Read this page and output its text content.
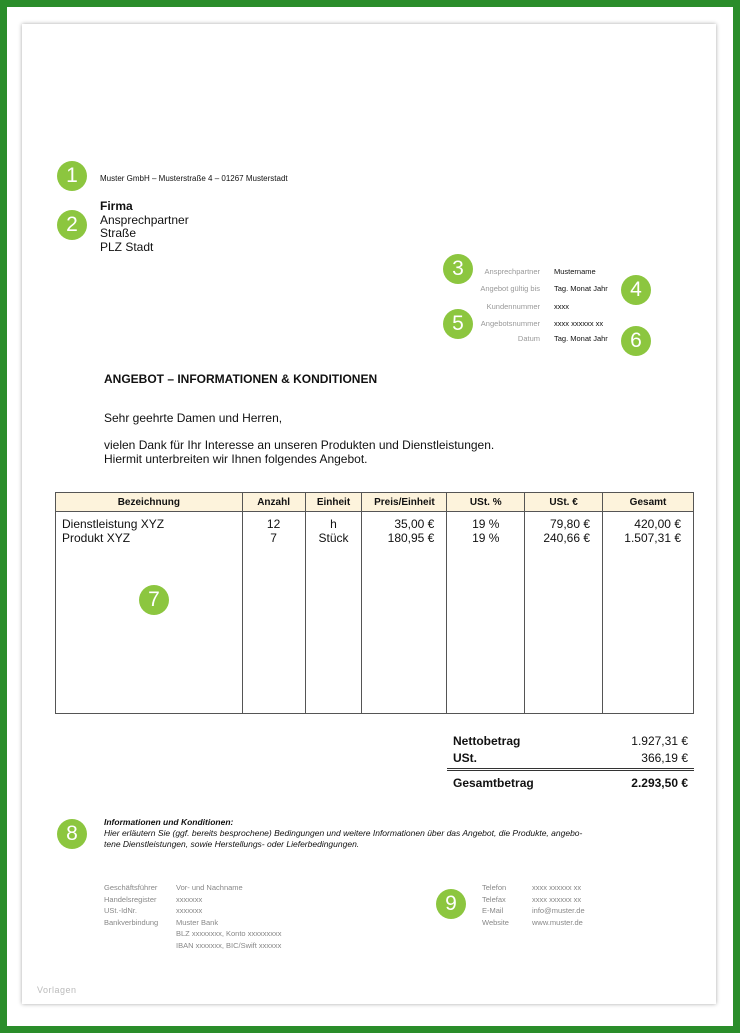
1
2
3
4
5
6
7
8
9
Muster GmbH – Musterstraße 4 – 01267 Musterstadt
Firma
Ansprechpartner
Straße
PLZ Stadt
Ansprechpartner Mustername
Angebot gültig bis Tag. Monat Jahr
Kundennummer xxxx
Angebotsnummer xxxx xxxxxx xx
Datum Tag. Monat Jahr
ANGEBOT – INFORMATIONEN & KONDITIONEN
Sehr geehrte Damen und Herren,
vielen Dank für Ihr Interesse an unseren Produkten und Dienstleistungen.
Hiermit unterbreiten wir Ihnen folgendes Angebot.
Bezeichnung	Anzahl	Einheit	Preis/Einheit	USt. %	USt. €	Gesamt
Dienstleistung XYZ	12	h	35,00 €	19 %	79,80 €	420,00 €
Produkt XYZ	7	Stück	180,95 €	19 %	240,66 €	1.507,31 €

Nettobetrag	1.927,31 €
USt.	366,19 €
Gesamtbetrag	2.293,50 €
Informationen und Konditionen:
Hier erläutern Sie (ggf. bereits besprochene) Bedingungen und weitere Informationen über das Angebot, die Produkte, angebo-
tene Dienstleistungen, sowie Herstellungs- oder Lieferbedingungen.
Geschäftsführer Vor- und Nachname
Handelsregister	xxxxxxx
USt.-IdNr.	xxxxxxx
Bankverbindung Muster Bank
BLZ xxxxxxxx, Konto xxxxxxxxx
IBAN xxxxxxx, BIC/Swift xxxxxx
Telefon	xxxx xxxxxx xx
Telefax	xxxx xxxxxx xx
E-Mail	info@muster.de
Website	www.muster.de
Vorlagen
